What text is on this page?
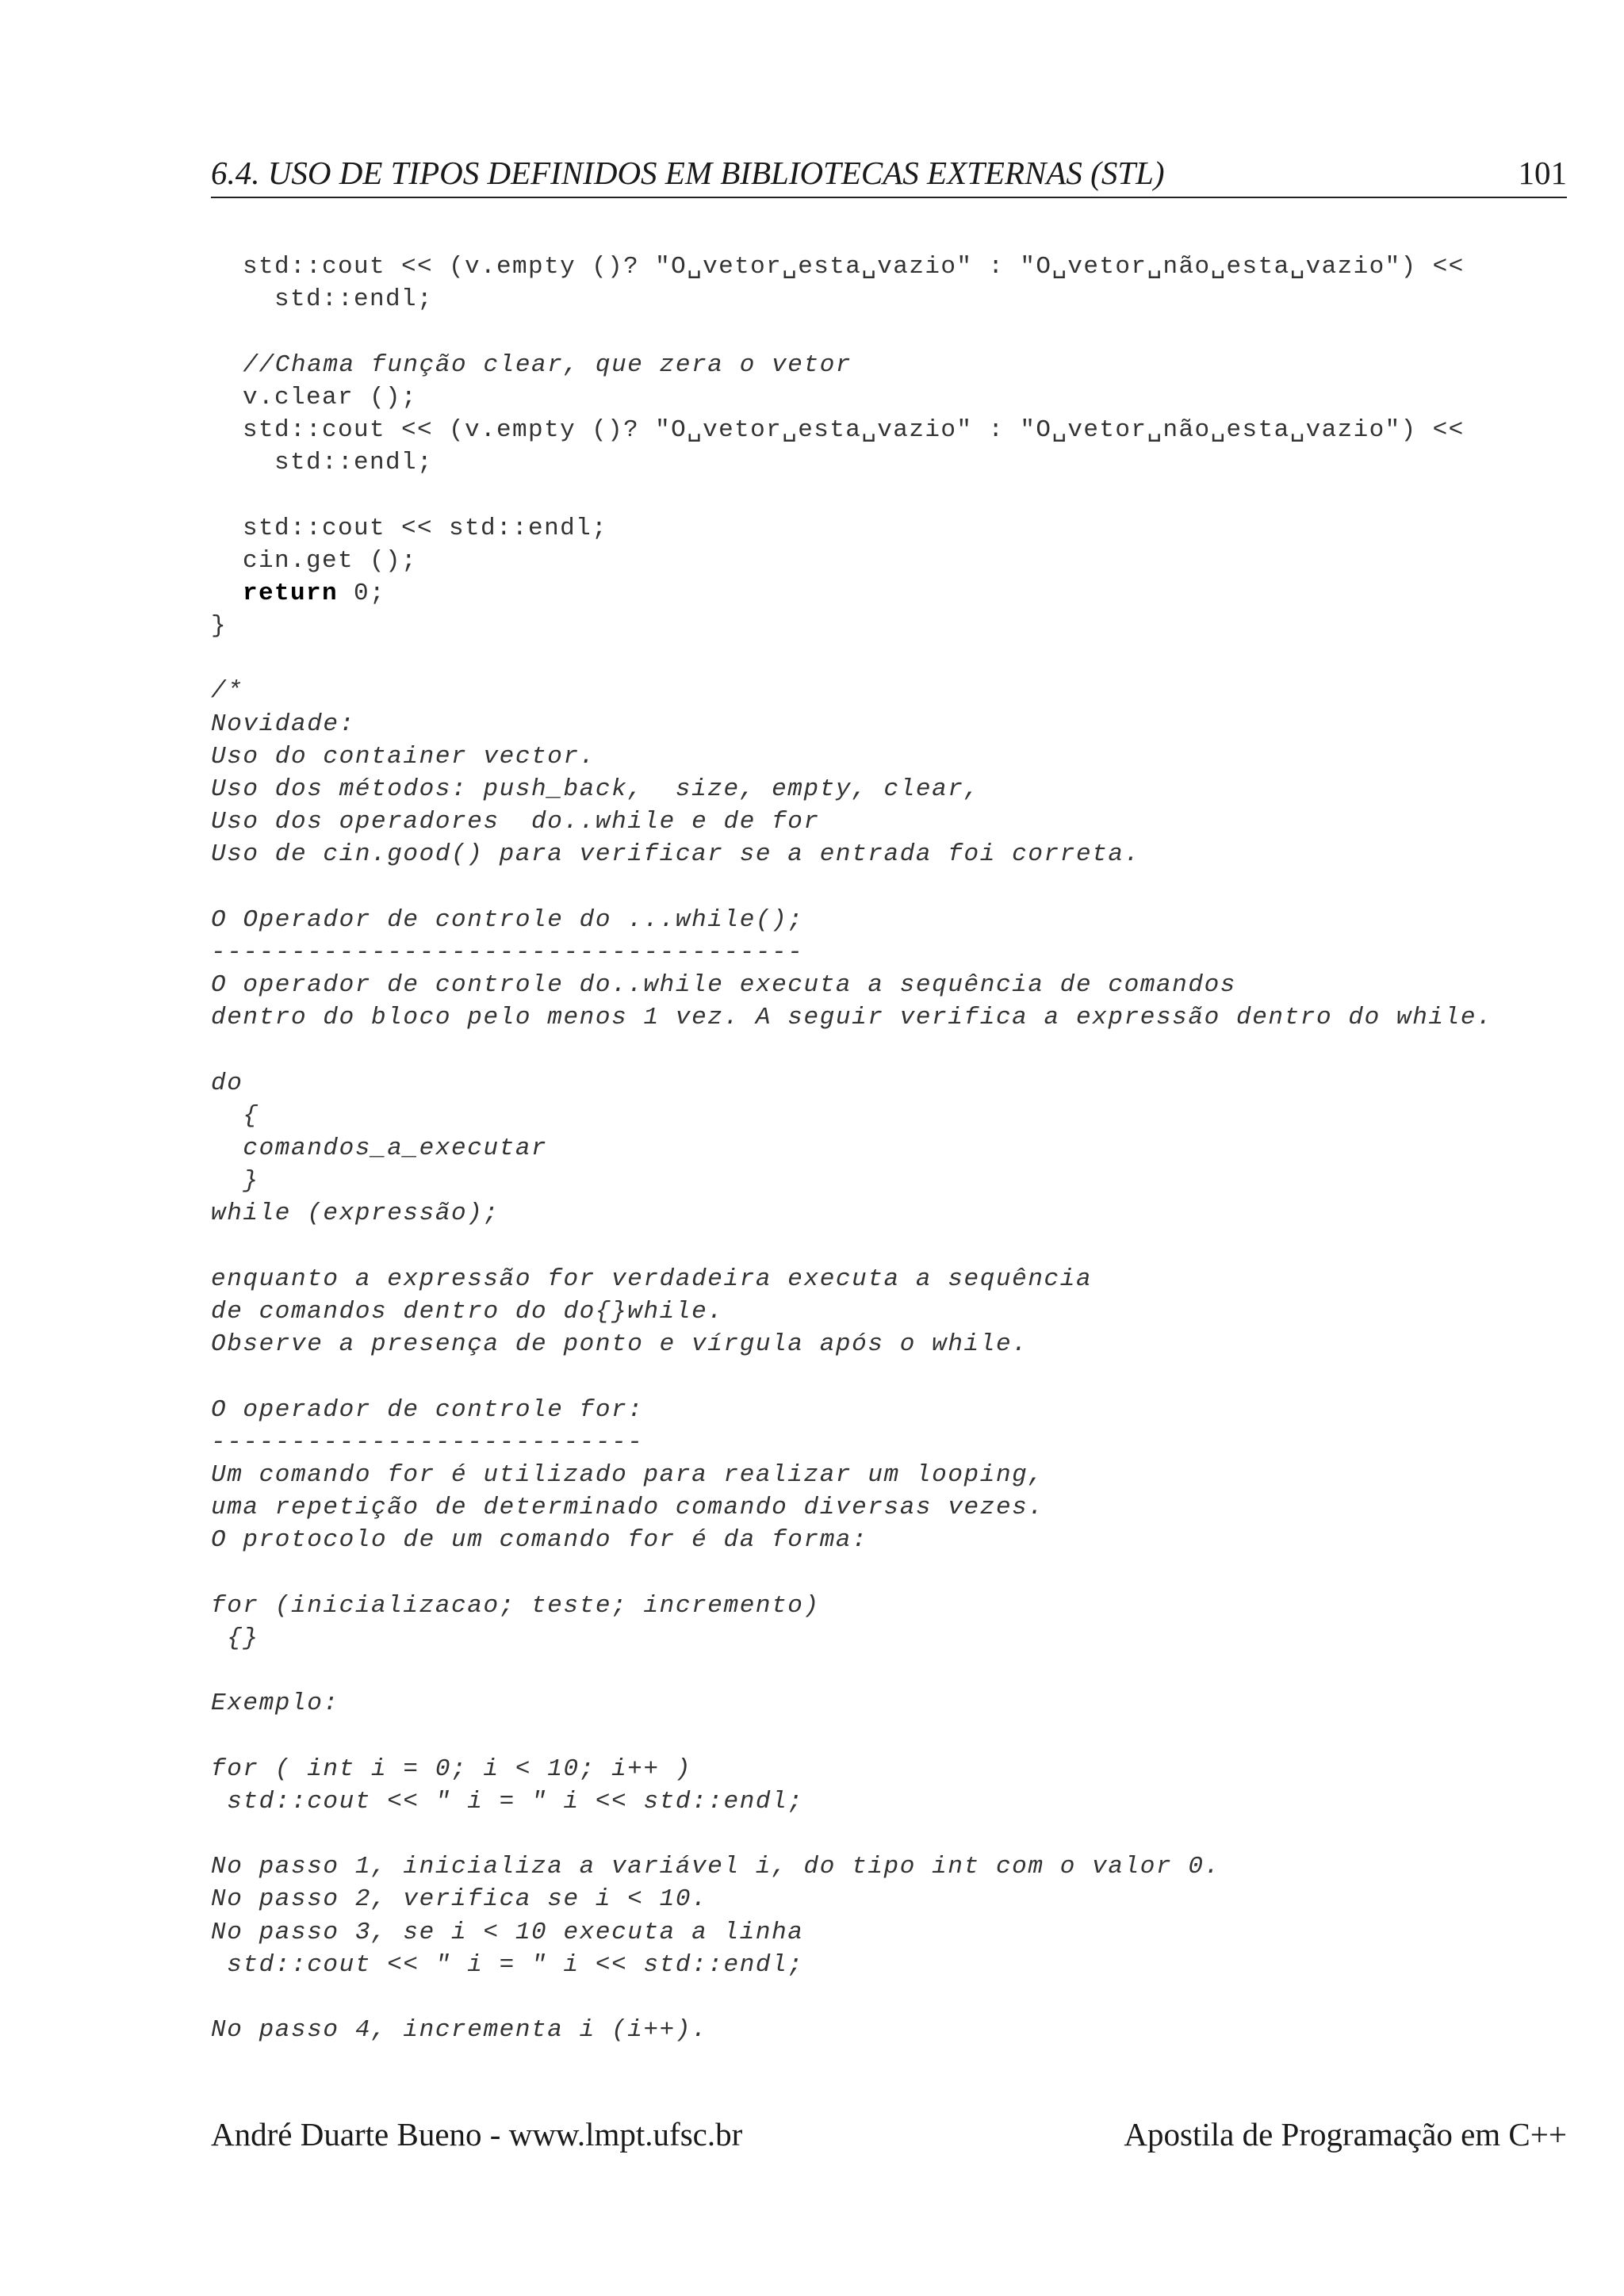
6.4. USO DE TIPOS DEFINIDOS EM BIBLIOTECAS EXTERNAS (STL)	101
std::cout << (v.empty ()? "O␣vetor␣esta␣vazio" : "O␣vetor␣não␣esta␣vazio") <<
std::endl;
//Chama função clear, que zera o vetor
v.clear ();
std::cout << (v.empty ()? "O␣vetor␣esta␣vazio" : "O␣vetor␣não␣esta␣vazio") <<
std::endl;
std::cout << std::endl;
cin.get ();
return 0;
}
/*
Novidade:
Uso do container vector.
Uso dos métodos: push_back,  size, empty, clear,
Uso dos operadores  do..while e de for
Uso de cin.good() para verificar se a entrada foi correta.
O Operador de controle do ...while();
-------------------------------------
O operador de controle do..while executa a sequência de comandos
dentro do bloco pelo menos 1 vez. A seguir verifica a expressão dentro do while.
do
{
comandos_a_executar
}
while (expressão);
enquanto a expressão for verdadeira executa a sequência
de comandos dentro do do{}while.
Observe a presença de ponto e vírgula após o while.
O operador de controle for:
---------------------------
Um comando for é utilizado para realizar um looping,
uma repetição de determinado comando diversas vezes.
O protocolo de um comando for é da forma:
for (inicializacao; teste; incremento)
{}
Exemplo:
for ( int i = 0; i < 10; i++ )
std::cout << " i = " i << std::endl;
No passo 1, inicializa a variável i, do tipo int com o valor 0.
No passo 2, verifica se i < 10.
No passo 3, se i < 10 executa a linha
std::cout << " i = " i << std::endl;
No passo 4, incrementa i (i++).
André Duarte Bueno - www.lmpt.ufsc.br	Apostila de Programação em C++
